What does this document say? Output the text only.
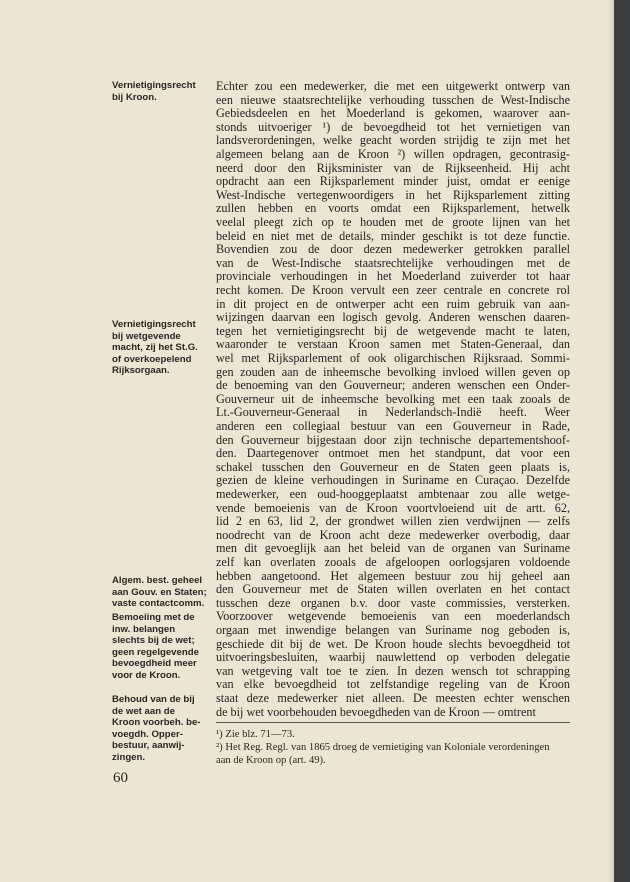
Vernietigingsrecht
bij Kroon.

Vernietigingsrecht
bij wetgevende
macht, zij het St.G.
of overkoepelend
Rijksorgaan.

Algem. best. geheel
aan Gouv. en Staten;
vaste contactcomm.

Bemoeiing met de
inw. belangen
slechts bij de wet;
geen regelgevende
bevoegdheid meer
voor de Kroon.

Behoud van de bij
de wet aan de
Kroon voorbeh. be-
voegdh. Opper-
bestuur, aanwij-
zingen.

Echter zou een medewerker, die met een uitgewerkt ontwerp van
een nieuwe staatsrechtelijke verhouding tusschen de West-Indische
Gebiedsdeelen en het Moederland is gekomen, waarover aan-
stonds uitvoeriger ¹) de bevoegdheid tot het vernietigen van
landsverordeningen, welke geacht worden strijdig te zijn met het
algemeen belang aan de Kroon ²) willen opdragen, gecontrasig-
neerd door den Rijksminister van de Rijkseenheid. Hij acht
opdracht aan een Rijksparlement minder juist, omdat er eenige
West-Indische vertegenwoordigers in het Rijksparlement zitting
zullen hebben en voorts omdat een Rijksparlement, hetwelk
veelal pleegt zich op te houden met de groote lijnen van het
beleid en niet met de details, minder geschikt is tot deze functie.
Bovendien zou de door dezen medewerker getrokken parallel
van de West-Indische staatsrechtelijke verhoudingen met de
provinciale verhoudingen in het Moederland zuiverder tot haar
recht komen. De Kroon vervult een zeer centrale en concrete rol
in dit project en de ontwerper acht een ruim gebruik van aan-
wijzingen daarvan een logisch gevolg. Anderen wenschen daaren-
tegen het vernietigingsrecht bij de wetgevende macht te laten,
waaronder te verstaan Kroon samen met Staten-Generaal, dan
wel met Rijksparlement of ook oligarchischen Rijksraad. Sommi-
gen zouden aan de inheemsche bevolking invloed willen geven op
de benoeming van den Gouverneur; anderen wenschen een Onder-
Gouverneur uit de inheemsche bevolking met een taak zooals de
Lt.-Gouverneur-Generaal in Nederlandsch-Indië heeft. Weer
anderen een collegiaal bestuur van een Gouverneur in Rade,
den Gouverneur bijgestaan door zijn technische departementshoof-
den. Daartegenover ontmoet men het standpunt, dat voor een
schakel tusschen den Gouverneur en de Staten geen plaats is,
gezien de kleine verhoudingen in Suriname en Curaçao. Dezelfde
medewerker, een oud-hooggeplaatst ambtenaar zou alle wetge-
vende bemoeienis van de Kroon voortvloeiend uit de artt. 62,
lid 2 en 63, lid 2, der grondwet willen zien verdwijnen — zelfs
noodrecht van de Kroon acht deze medewerker overbodig, daar
men dit gevoeglijk aan het beleid van de organen van Suriname
zelf kan overlaten zooals de afgeloopen oorlogsjaren voldoende
hebben aangetoond. Het algemeen bestuur zou hij geheel aan
den Gouverneur met de Staten willen overlaten en het contact
tusschen deze organen b.v. door vaste commissies, versterken.
Voorzoover wetgevende bemoeienis van een moederlandsch
orgaan met inwendige belangen van Suriname nog geboden is,
geschiede dit bij de wet. De Kroon houde slechts bevoegdheid tot
uitvoeringsbesluiten, waarbij nauwlettend op verboden delegatie
van wetgeving valt toe te zien. In dezen wensch tot schrapping
van elke bevoegdheid tot zelfstandige regeling van de Kroon
staat deze medewerker niet alleen. De meesten echter wenschen
de bij wet voorbehouden bevoegdheden van de Kroon — omtrent
¹) Zie blz. 71—73.
²) Het Reg. Regl. van 1865 droeg de vernietiging van Koloniale verordeningen
aan de Kroon op (art. 49).
60
